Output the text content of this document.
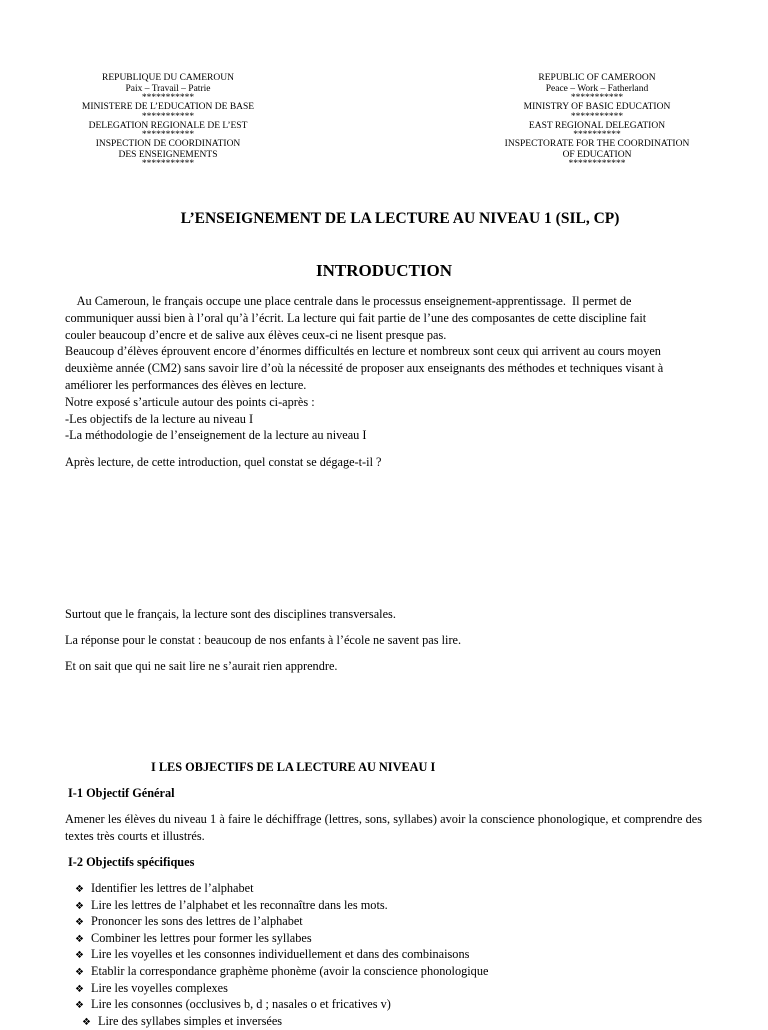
REPUBLIQUE DU CAMEROUN
Paix – Travail – Patrie
***********
MINISTERE DE L’EDUCATION DE BASE
***********
DELEGATION REGIONALE DE L’EST
***********
INSPECTION DE COORDINATION
DES ENSEIGNEMENTS
***********
REPUBLIC OF CAMEROON
Peace – Work – Fatherland
***********
MINISTRY OF BASIC EDUCATION
***********
EAST REGIONAL DELEGATION
**********
INSPECTORATE FOR THE COORDINATION
OF EDUCATION
************
L’ENSEIGNEMENT DE LA LECTURE AU NIVEAU 1 (SIL, CP)
INTRODUCTION
Au Cameroun, le français occupe une place centrale dans le processus enseignement-apprentissage.  Il permet de
communiquer aussi bien à l’oral qu’à l’écrit. La lecture qui fait partie de l’une des composantes de cette discipline fait
couler beaucoup d’encre et de salive aux élèves ceux-ci ne lisent presque pas.
Beaucoup d’élèves éprouvent encore d’énormes difficultés en lecture et nombreux sont ceux qui arrivent au cours moyen
deuxième année (CM2) sans savoir lire d’où la nécessité de proposer aux enseignants des méthodes et techniques visant à
améliorer les performances des élèves en lecture.
Notre exposé s’articule autour des points ci-après :
-Les objectifs de la lecture au niveau I
-La méthodologie de l’enseignement de la lecture au niveau I
Après lecture, de cette introduction, quel constat se dégage-t-il ?
Surtout que le français, la lecture sont des disciplines transversales.
La réponse pour le constat : beaucoup de nos enfants à l’école ne savent pas lire.
Et on sait que qui ne sait lire ne s’aurait rien apprendre.
I LES OBJECTIFS DE LA LECTURE AU NIVEAU I
I-1 Objectif Général
Amener les élèves du niveau 1 à faire le déchiffrage (lettres, sons, syllabes) avoir la conscience phonologique, et comprendre des textes très courts et illustrés.
I-2 Objectifs spécifiques
❖ Identifier les lettres de l’alphabet
❖ Lire les lettres de l’alphabet et les reconnaître dans les mots.
❖ Prononcer les sons des lettres de l’alphabet
❖ Combiner les lettres pour former les syllabes
❖ Lire les voyelles et les consonnes individuellement et dans des combinaisons
❖ Etablir la correspondance graphème phonème (avoir la conscience phonologique
❖ Lire les voyelles complexes
❖ Lire les consonnes (occlusives b, d ; nasales o et fricatives v)
❖ Lire des syllabes simples et inversées
